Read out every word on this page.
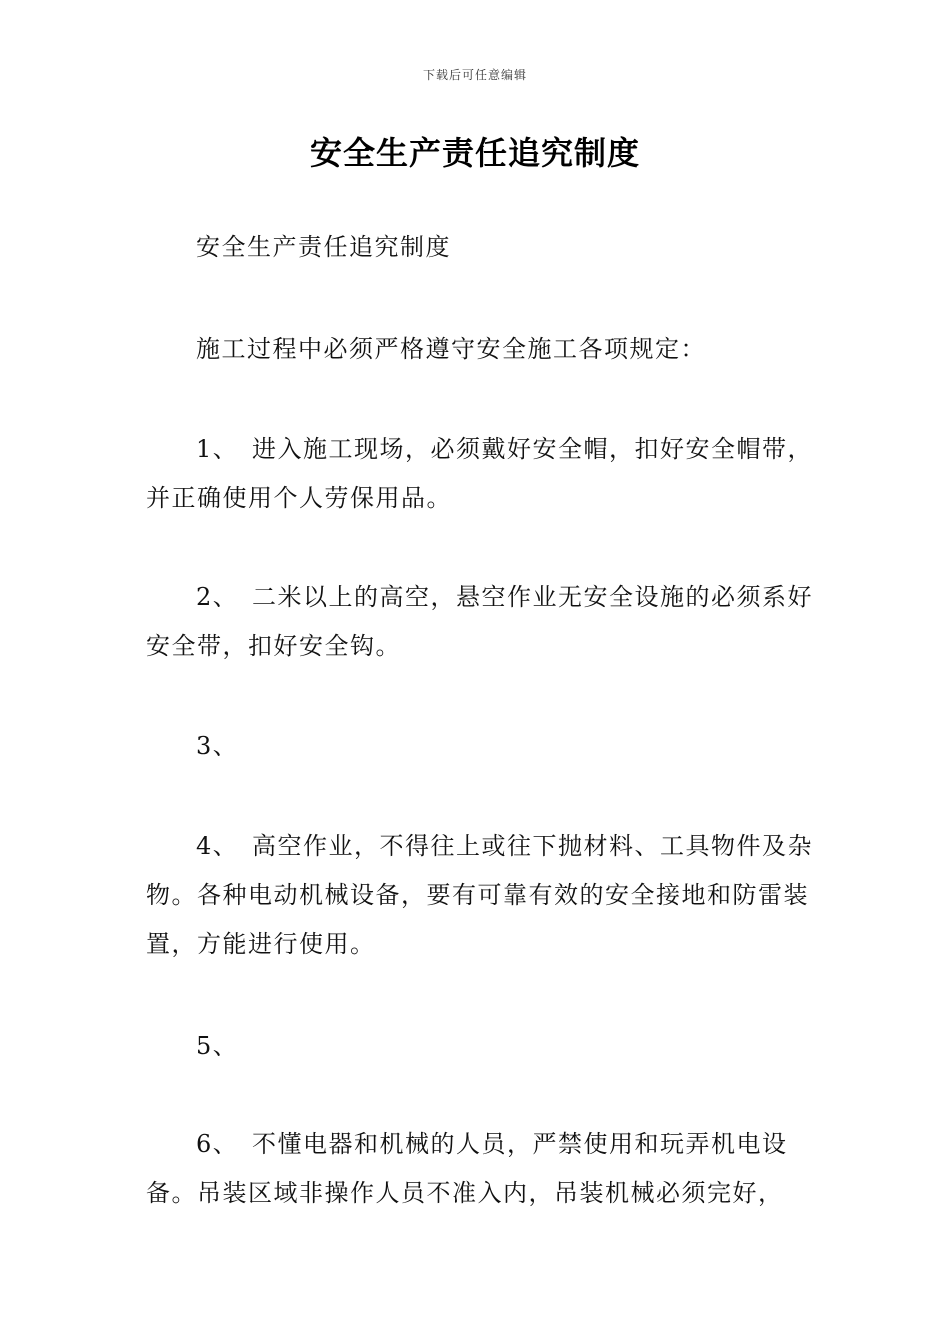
下载后可任意编辑
安全生产责任追究制度

安全生产责任追究制度

施工过程中必须严格遵守安全施工各项规定：

1、 进入施工现场，必须戴好安全帽，扣好安全帽带，并正确使用个人劳保用品。

2、 二米以上的高空，悬空作业无安全设施的必须系好安全带，扣好安全钩。

3、

4、 高空作业，不得往上或往下抛材料、工具物件及杂物。各种电动机械设备，要有可靠有效的安全接地和防雷装置，方能进行使用。

5、

6、 不懂电器和机械的人员，严禁使用和玩弄机电设备。吊装区域非操作人员不准入内，吊装机械必须完好，
